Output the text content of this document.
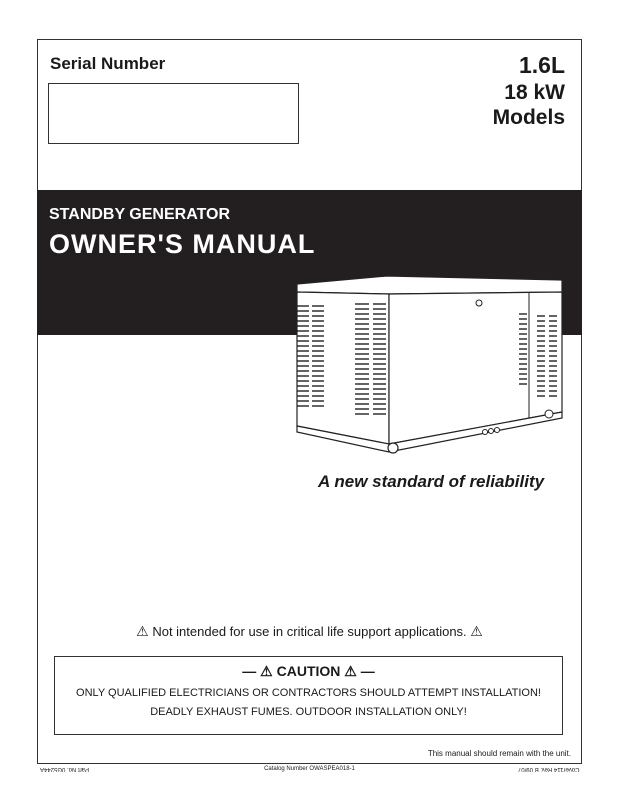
Serial Number	1.6L
18 kW
Models
STANDBY GENERATOR
OWNER'S MANUAL
A new standard of reliability
⚠ Not intended for use in critical life support applications. ⚠
— ⚠ CAUTION ⚠ —
ONLY QUALIFIED ELECTRICIANS OR CONTRACTORS SHOULD ATTEMPT INSTALLATION!
DEADLY EXHAUST FUMES. OUTDOOR INSTALLATION ONLY!
This manual should remain with the unit.
Catalog Number OWASPEA018-1
Part No. 0G5244A	Cover114 Rev. B 09/07
